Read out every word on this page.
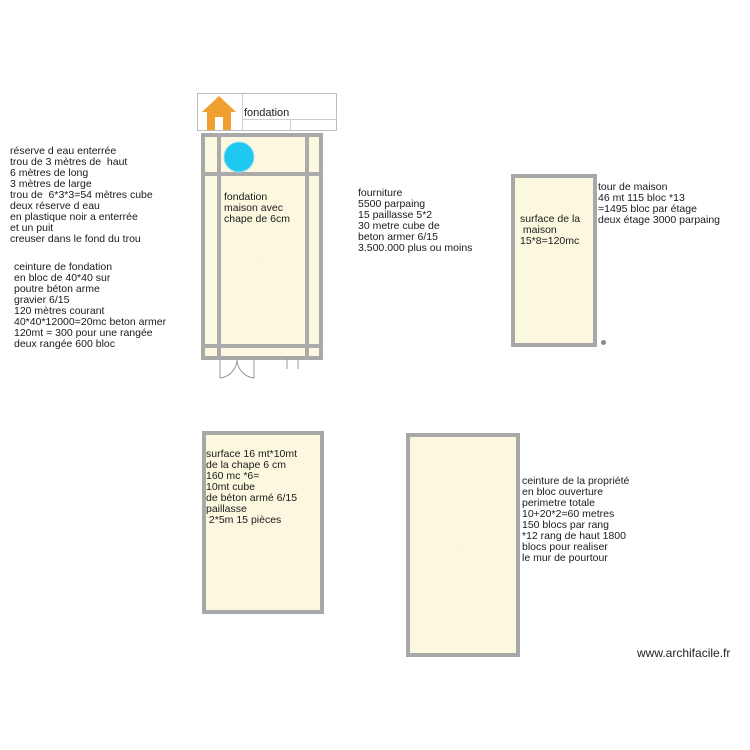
fondation
fondation
maison avec
chape de 6cm
····
surface de la
maison
15*8=120mc
surface 16 mt*10mt
de la chape 6 cm
160 mc *6=
10mt cube
de béton armé 6/15
paillasse
2*5m 15 pièces
····
réserve d eau enterrée
trou de 3 mètres de  haut
6 mètres de long
3 mètres de large
trou de  6*3*3=54 mètres cube
deux réserve d eau
en plastique noir a enterrée
et un puit
creuser dans le fond du trou
ceinture de fondation
en bloc de 40*40 sur
poutre béton arme
gravier 6/15
120 mètres courant
40*40*12000=20mc beton armer
120mt = 300 pour une rangée
deux rangée 600 bloc
fourniture
5500 parpaing
15 paillasse 5*2
30 metre cube de
beton armer 6/15
3.500.000 plus ou moins
tour de maison
46 mt 115 bloc *13
=1495 bloc par étage
deux étage 3000 parpaing
ceinture de la propriété
en bloc ouverture
perimetre totale
10+20*2=60 metres
150 blocs par rang
*12 rang de haut 1800
blocs pour realiser
le mur de pourtour
www.archifacile.fr
